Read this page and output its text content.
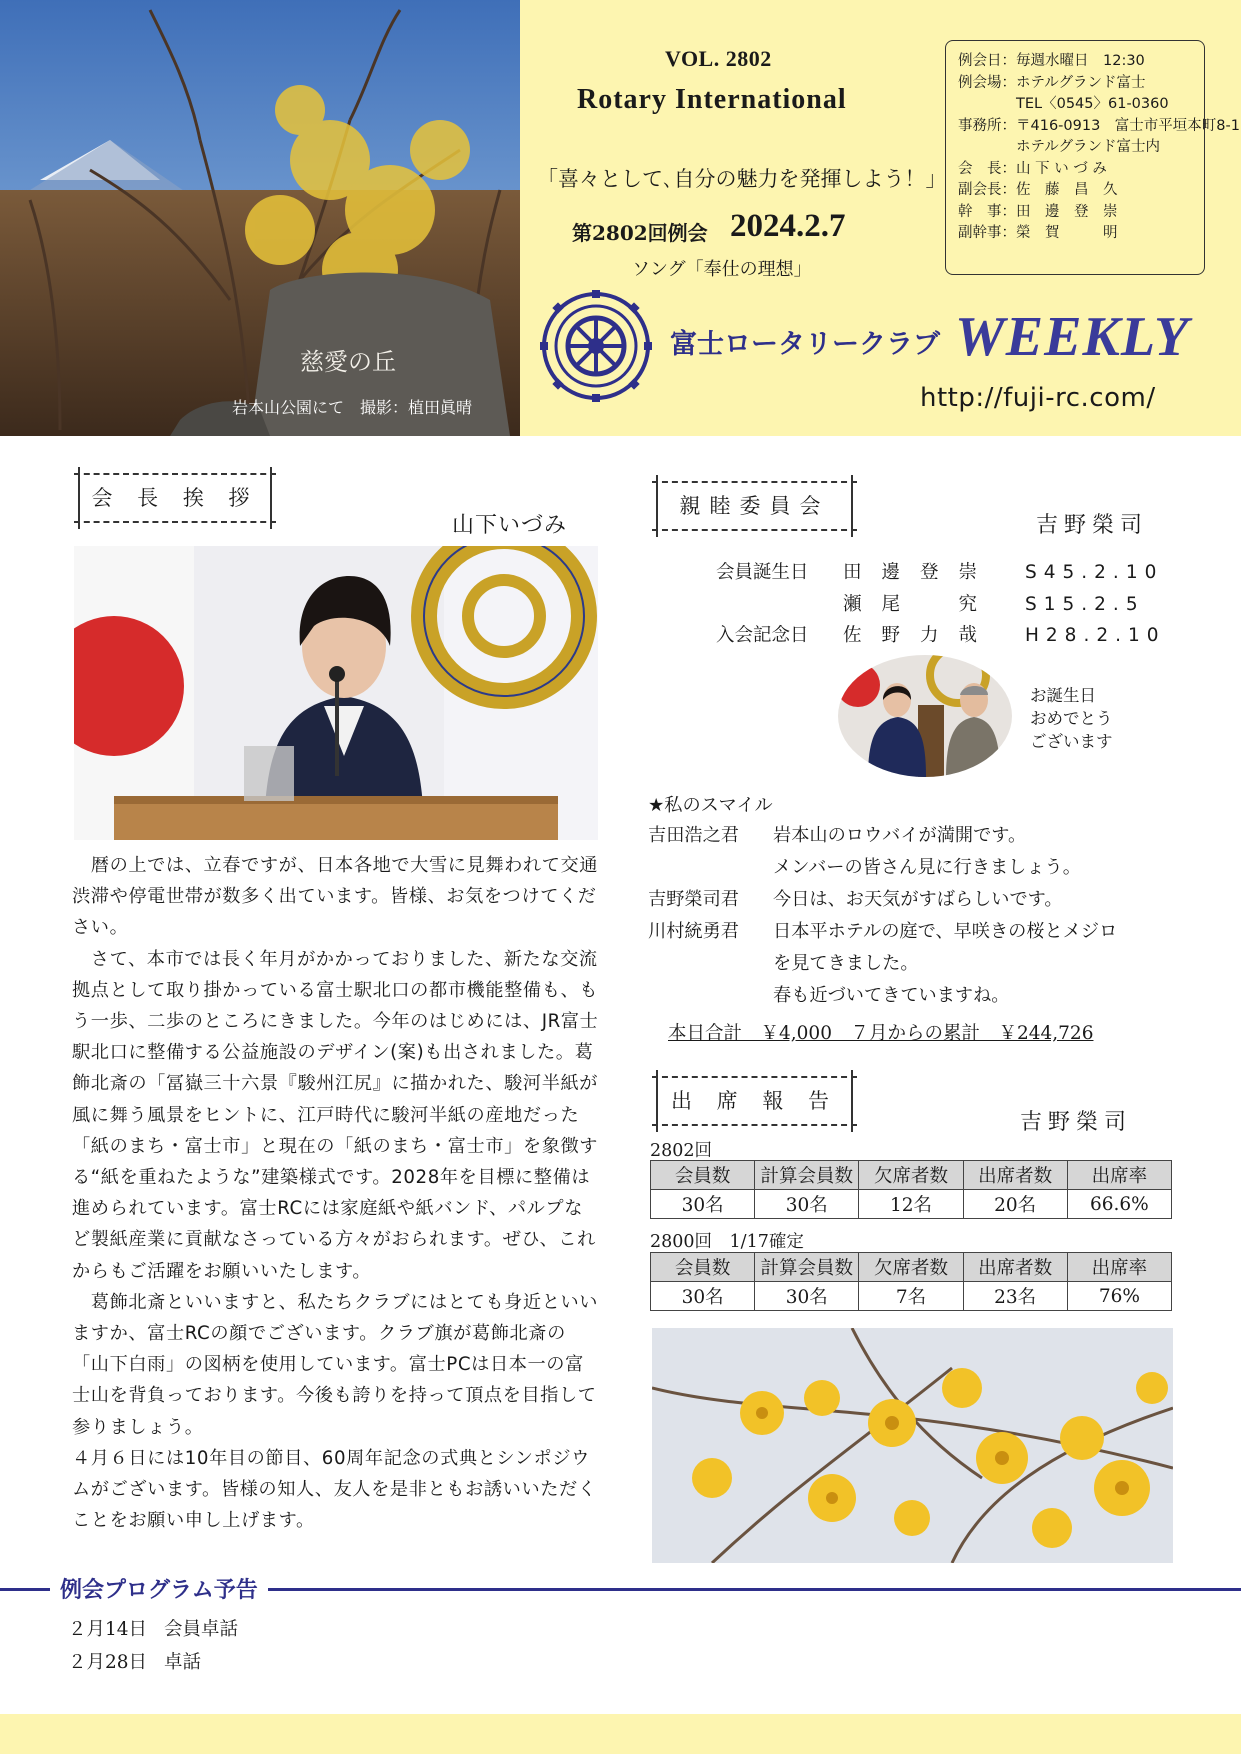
慈愛の丘
岩本山公園にて　撮影：植田眞晴
VOL. 2802
Rotary International
「喜々として､自分の魅力を発揮しよう！」
第2802回例会 2024.2.7
ソング「奉仕の理想」
例会日：毎週水曜日　12:30
例会場：ホテルグランド富士
　　　　TEL〈0545〉61-0360
事務所：〒416-0913　富士市平垣本町8-1
　　　　ホテルグランド富士内
会　長：山 下 い づ み
副会長：佐　藤　昌　久
幹　事：田　邊　登　崇
副幹事：榮　賀　　　明
富士ロータリークラブ WEEKLY
http://fuji-rc.com/
会 長 挨 拶
山下いづみ

　暦の上では、立春ですが、日本各地で大雪に見舞われて交通渋滞や停電世帯が数多く出ています。皆様、お気をつけてください。

　さて、本市では長く年月がかかっておりました、新たな交流拠点として取り掛かっている富士駅北口の都市機能整備も、もう一歩、二歩のところにきました。今年のはじめには、JR富士駅北口に整備する公益施設のデザイン(案)も出されました。葛飾北斎の「冨嶽三十六景『駿州江尻』に描かれた、駿河半紙が風に舞う風景をヒントに、江戸時代に駿河半紙の産地だった「紙のまち・富士市」と現在の「紙のまち・富士市」を象徴する“紙を重ねたような”建築様式です。2028年を目標に整備は進められています。富士RCには家庭紙や紙バンド、パルプなど製紙産業に貢献なさっている方々がおられます。ぜひ、これからもご活躍をお願いいたします。

　葛飾北斎といいますと、私たちクラブにはとても身近といいますか、富士RCの顔でございます。クラブ旗が葛飾北斎の「山下白雨」の図柄を使用しています。富士PCは日本一の富士山を背負っております。今後も誇りを持って頂点を目指して参りましょう。

４月６日には10年目の節目、60周年記念の式典とシンポジウムがございます。皆様の知人、友人を是非ともお誘いいただくことをお願い申し上げます。

親睦委員会
吉野榮司
会員誕生日	田邊登崇 S45.2.10
瀬尾　究 S15.2.5
入会記念日	佐野力哉 H28.2.10
お誕生日
おめでとう
ございます
★私のスマイル
吉田浩之君 岩本山のロウバイが満開です。
メンバーの皆さん見に行きましょう。
吉野榮司君 今日は、お天気がすばらしいです。
川村統勇君 日本平ホテルの庭で、早咲きの桜とメジロ
を見てきました。
春も近づいてきていますね。
本日合計　￥4,000　７月からの累計　￥244,726
出 席 報 告
吉野榮司
2802回
会員数	計算会員数	欠席者数	出席者数	出席率
30名	30名	12名	20名	66.6%
2800回　1/17確定
会員数	計算会員数	欠席者数	出席者数	出席率
30名	30名	7名	23名	76%
例会プログラム予告
２月14日 会員卓話
２月28日 卓話
